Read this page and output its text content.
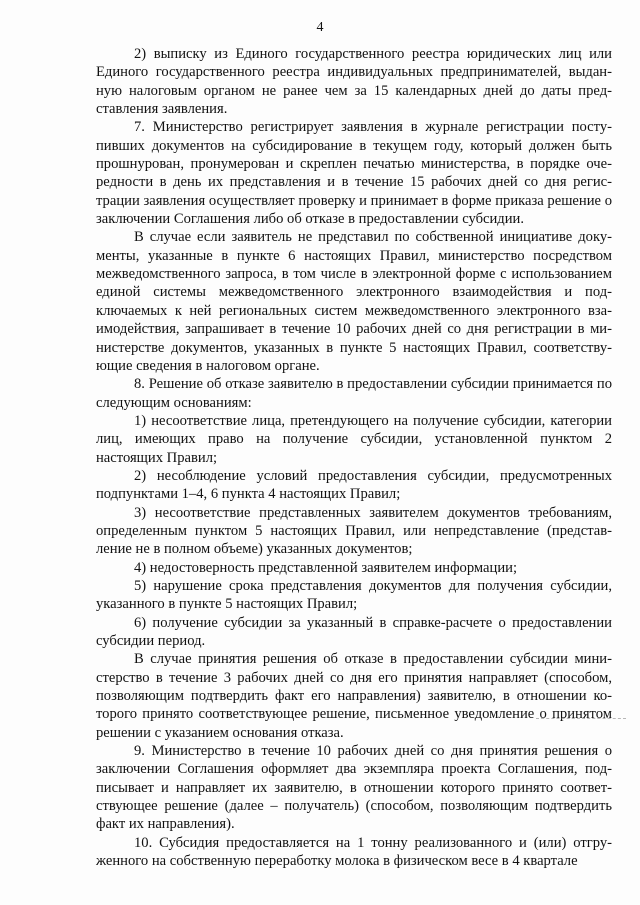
4

2) выписку из Единого государственного реестра юридических лиц или Единого государственного реестра индивидуальных предпринимателей, выданную налоговым органом не ранее чем за 15 календарных дней до даты представления заявления.

7. Министерство регистрирует заявления в журнале регистрации поступивших документов на субсидирование в текущем году, который должен быть прошнурован, пронумерован и скреплен печатью министерства, в порядке очередности в день их представления и в течение 15 рабочих дней со дня регистрации заявления осуществляет проверку и принимает в форме приказа решение о заключении Соглашения либо об отказе в предоставлении субсидии.

В случае если заявитель не представил по собственной инициативе документы, указанные в пункте 6 настоящих Правил, министерство посредством межведомственного запроса, в том числе в электронной форме с использованием единой системы межведомственного электронного взаимодействия и подключаемых к ней региональных систем межведомственного электронного взаимодействия, запрашивает в течение 10 рабочих дней со дня регистрации в министерстве документов, указанных в пункте 5 настоящих Правил, соответствующие сведения в налоговом органе.

8. Решение об отказе заявителю в предоставлении субсидии принимается по следующим основаниям:

1) несоответствие лица, претендующего на получение субсидии, категории лиц, имеющих право на получение субсидии, установленной пунктом 2 настоящих Правил;

2) несоблюдение условий предоставления субсидии, предусмотренных подпунктами 1–4, 6 пункта 4 настоящих Правил;

3) несоответствие представленных заявителем документов требованиям, определенным пунктом 5 настоящих Правил, или непредставление (представление не в полном объеме) указанных документов;

4) недостоверность представленной заявителем информации;

5) нарушение срока представления документов для получения субсидии, указанного в пункте 5 настоящих Правил;

6) получение субсидии за указанный в справке-расчете о предоставлении субсидии период.

В случае принятия решения об отказе в предоставлении субсидии министерство в течение 3 рабочих дней со дня его принятия направляет (способом, позволяющим подтвердить факт его направления) заявителю, в отношении которого принято соответствующее решение, письменное уведомление о принятом решении с указанием основания отказа.

9. Министерство в течение 10 рабочих дней со дня принятия решения о заключении Соглашения оформляет два экземпляра проекта Соглашения, подписывает и направляет их заявителю, в отношении которого принято соответствующее решение (далее – получатель) (способом, позволяющим подтвердить факт их направления).

10. Субсидия предоставляется на 1 тонну реализованного и (или) отгруженного на собственную переработку молока в физическом весе в 4 квартале
